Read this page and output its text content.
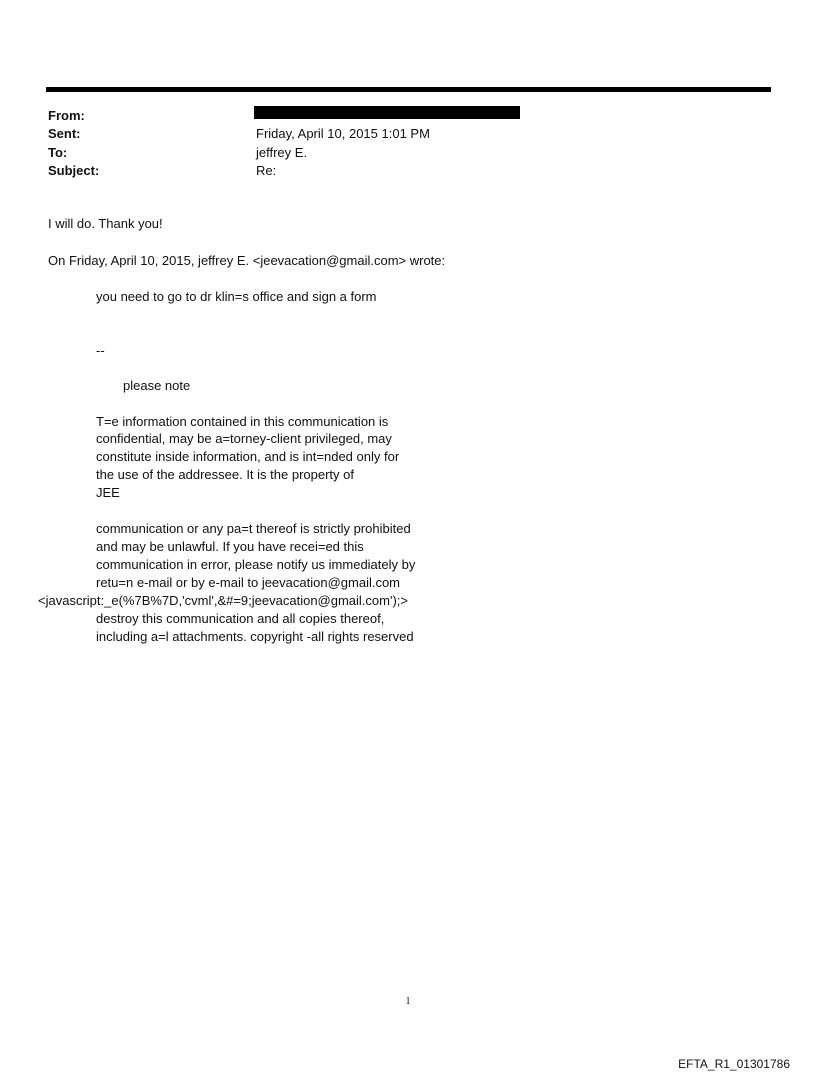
From:
Sent:	Friday, April 10, 2015 1:01 PM
To:	jeffrey E.
Subject:	Re:
I will do. Thank you!
On Friday, April 10, 2015, jeffrey E. <jeevacation@gmail.com> wrote:
you need to go to dr klin=s office and sign a form
--
please note
T=e information contained in this communication is
confidential, may be a=torney-client privileged, may
constitute inside information, and is int=nded only for
the use of the addressee. It is the property of
JEE
communication or any pa=t thereof is strictly prohibited
and may be unlawful. If you have recei=ed this
communication in error, please notify us immediately by
retu=n e-mail or by e-mail to jeevacation@gmail.com
<javascript:_e(%7B%7D,'cvml',&#=9;jeevacation@gmail.com');>
destroy this communication and all copies thereof,
including a=l attachments. copyright -all rights reserved
1
EFTA_R1_01301786
